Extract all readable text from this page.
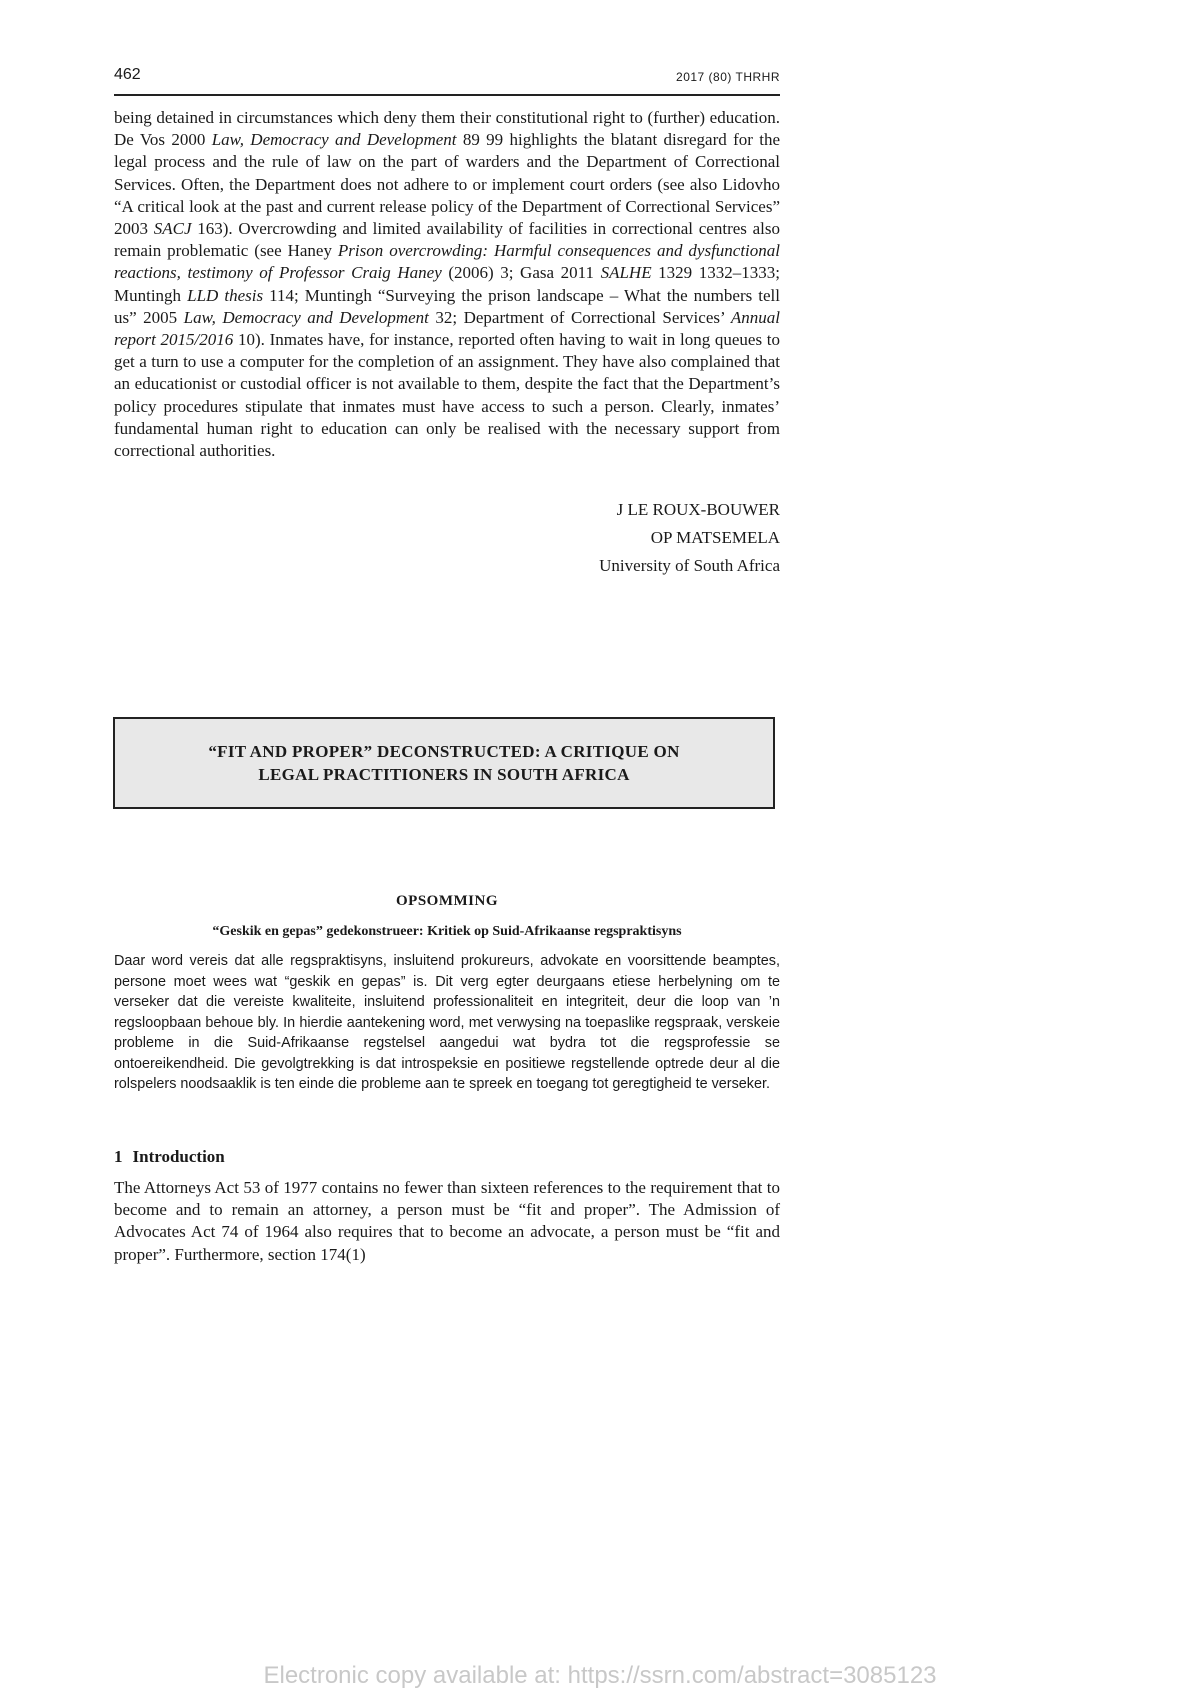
462	2017 (80) THRHR

being detained in circumstances which deny them their constitutional right to (further) education. De Vos 2000 Law, Democracy and Development 89 99 highlights the blatant disregard for the legal process and the rule of law on the part of warders and the Department of Correctional Services. Often, the Department does not adhere to or implement court orders (see also Lidovho “A critical look at the past and current release policy of the Department of Correctional Services” 2003 SACJ 163). Overcrowding and limited availability of facilities in correctional centres also remain problematic (see Haney Prison overcrowding: Harmful consequences and dysfunctional reactions, testimony of Professor Craig Haney (2006) 3; Gasa 2011 SALHE 1329 1332–1333; Muntingh LLD thesis 114; Muntingh “Surveying the prison landscape – What the numbers tell us” 2005 Law, Democracy and Development 32; Department of Correctional Services’ Annual report 2015/2016 10). Inmates have, for instance, reported often having to wait in long queues to get a turn to use a computer for the completion of an assignment. They have also complained that an educationist or custodial officer is not available to them, despite the fact that the Department’s policy procedures stipulate that inmates must have access to such a person. Clearly, inmates’ fundamental human right to education can only be realised with the necessary support from correctional authorities.

J LE ROUX-BOUWER
OP MATSEMELA
University of South Africa
“FIT AND PROPER” DECONSTRUCTED: A CRITIQUE ON
LEGAL PRACTITIONERS IN SOUTH AFRICA
OPSOMMING
“Geskik en gepas” gedekonstrueer: Kritiek op Suid-Afrikaanse regspraktisyns

Daar word vereis dat alle regspraktisyns, insluitend prokureurs, advokate en voorsittende beamptes, persone moet wees wat “geskik en gepas” is. Dit verg egter deurgaans etiese herbelyning om te verseker dat die vereiste kwaliteite, insluitend professionaliteit en integriteit, deur die loop van ’n regsloopbaan behoue bly. In hierdie aantekening word, met verwysing na toepaslike regspraak, verskeie probleme in die Suid-Afrikaanse regstelsel aangedui wat bydra tot die regsprofessie se ontoereikendheid. Die gevolgtrekking is dat introspeksie en positiewe regstellende optrede deur al die rolspelers noodsaaklik is ten einde die probleme aan te spreek en toegang tot geregtigheid te verseker.

1 Introduction

The Attorneys Act 53 of 1977 contains no fewer than sixteen references to the requirement that to become and to remain an attorney, a person must be “fit and proper”. The Admission of Advocates Act 74 of 1964 also requires that to become an advocate, a person must be “fit and proper”. Furthermore, section 174(1)

Electronic copy available at: https://ssrn.com/abstract=3085123
